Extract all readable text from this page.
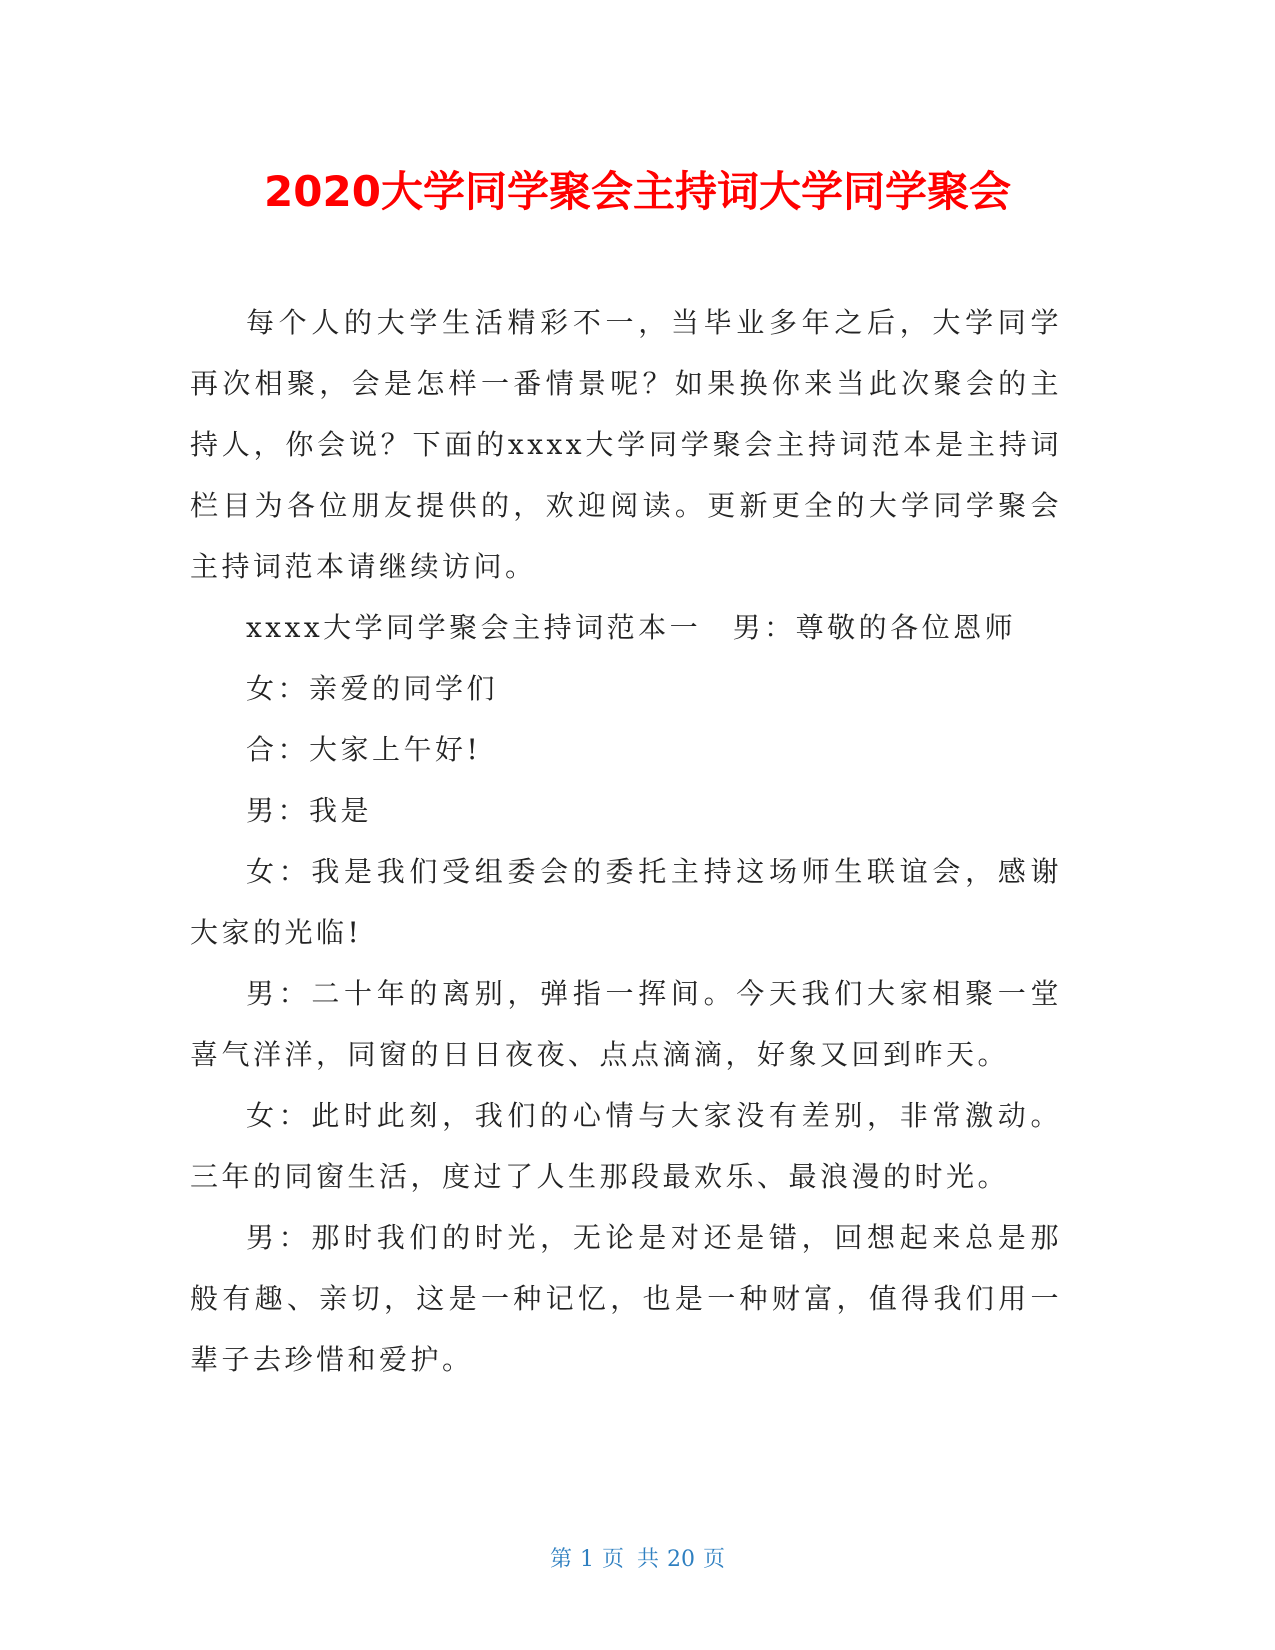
2020大学同学聚会主持词大学同学聚会

每个人的大学生活精彩不一，当毕业多年之后，大学同学再次相聚，会是怎样一番情景呢？如果换你来当此次聚会的主持人，你会说？下面的xxxx大学同学聚会主持词范本是主持词栏目为各位朋友提供的，欢迎阅读。更新更全的大学同学聚会主持词范本请继续访问。

xxxx大学同学聚会主持词范本一　男：尊敬的各位恩师

女：亲爱的同学们

合：大家上午好!

男：我是

女：我是我们受组委会的委托主持这场师生联谊会，感谢大家的光临!

男：二十年的离别，弹指一挥间。今天我们大家相聚一堂喜气洋洋，同窗的日日夜夜、点点滴滴，好象又回到昨天。

女：此时此刻，我们的心情与大家没有差别，非常激动。三年的同窗生活，度过了人生那段最欢乐、最浪漫的时光。

男：那时我们的时光，无论是对还是错，回想起来总是那般有趣、亲切，这是一种记忆，也是一种财富，值得我们用一辈子去珍惜和爱护。

第 1 页 共 20 页
